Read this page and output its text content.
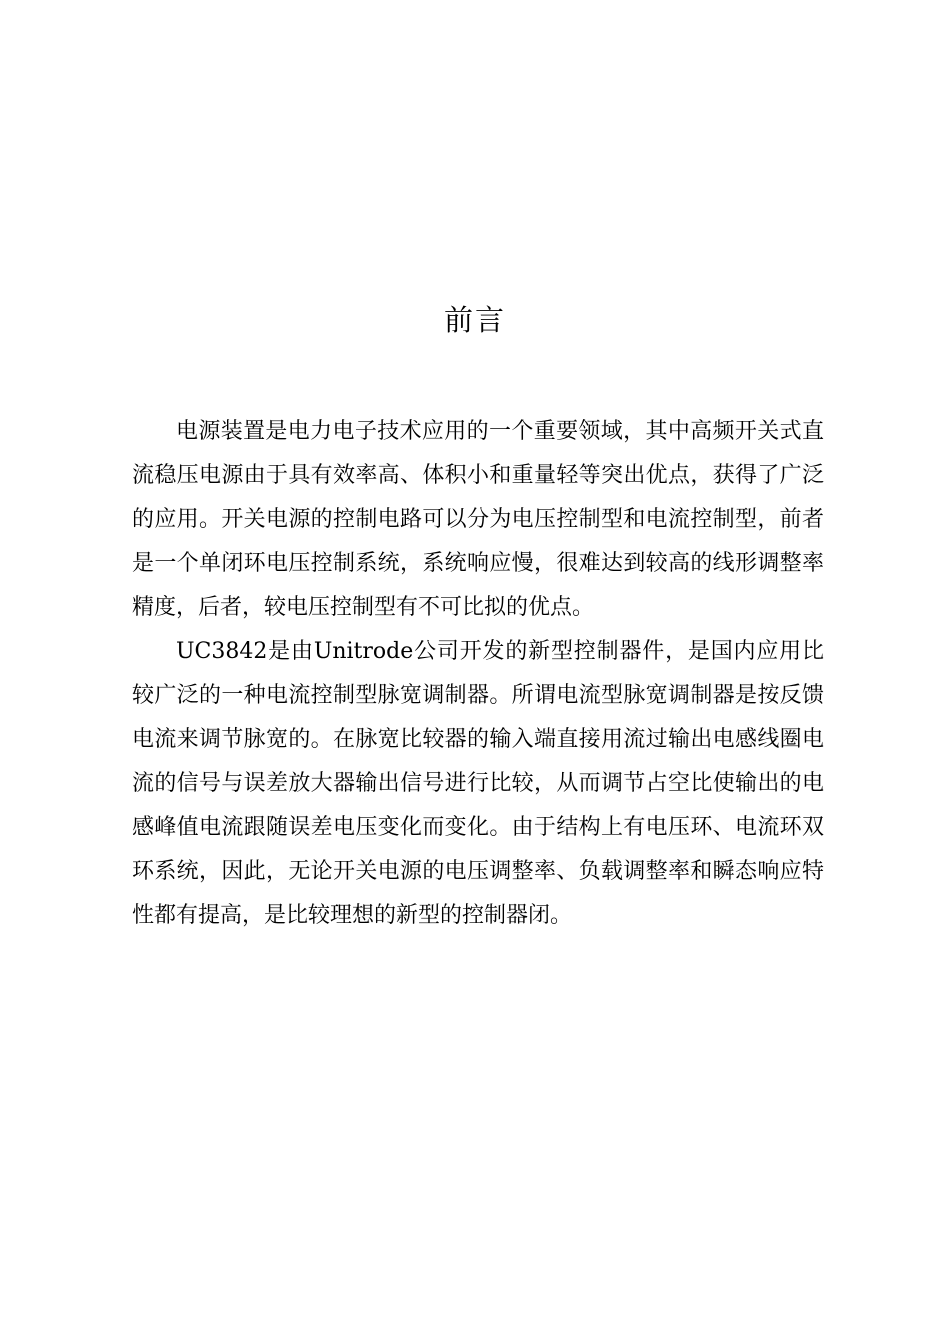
前言

电源装置是电力电子技术应用的一个重要领域，其中高频开关式直流稳压电源由于具有效率高、体积小和重量轻等突出优点，获得了广泛的应用。开关电源的控制电路可以分为电压控制型和电流控制型，前者是一个单闭环电压控制系统，系统响应慢，很难达到较高的线形调整率精度，后者，较电压控制型有不可比拟的优点。

UC3842是由Unitrode公司开发的新型控制器件，是国内应用比较广泛的一种电流控制型脉宽调制器。所谓电流型脉宽调制器是按反馈电流来调节脉宽的。在脉宽比较器的输入端直接用流过输出电感线圈电流的信号与误差放大器输出信号进行比较，从而调节占空比使输出的电感峰值电流跟随误差电压变化而变化。由于结构上有电压环、电流环双环系统，因此，无论开关电源的电压调整率、负载调整率和瞬态响应特性都有提高，是比较理想的新型的控制器闭。
